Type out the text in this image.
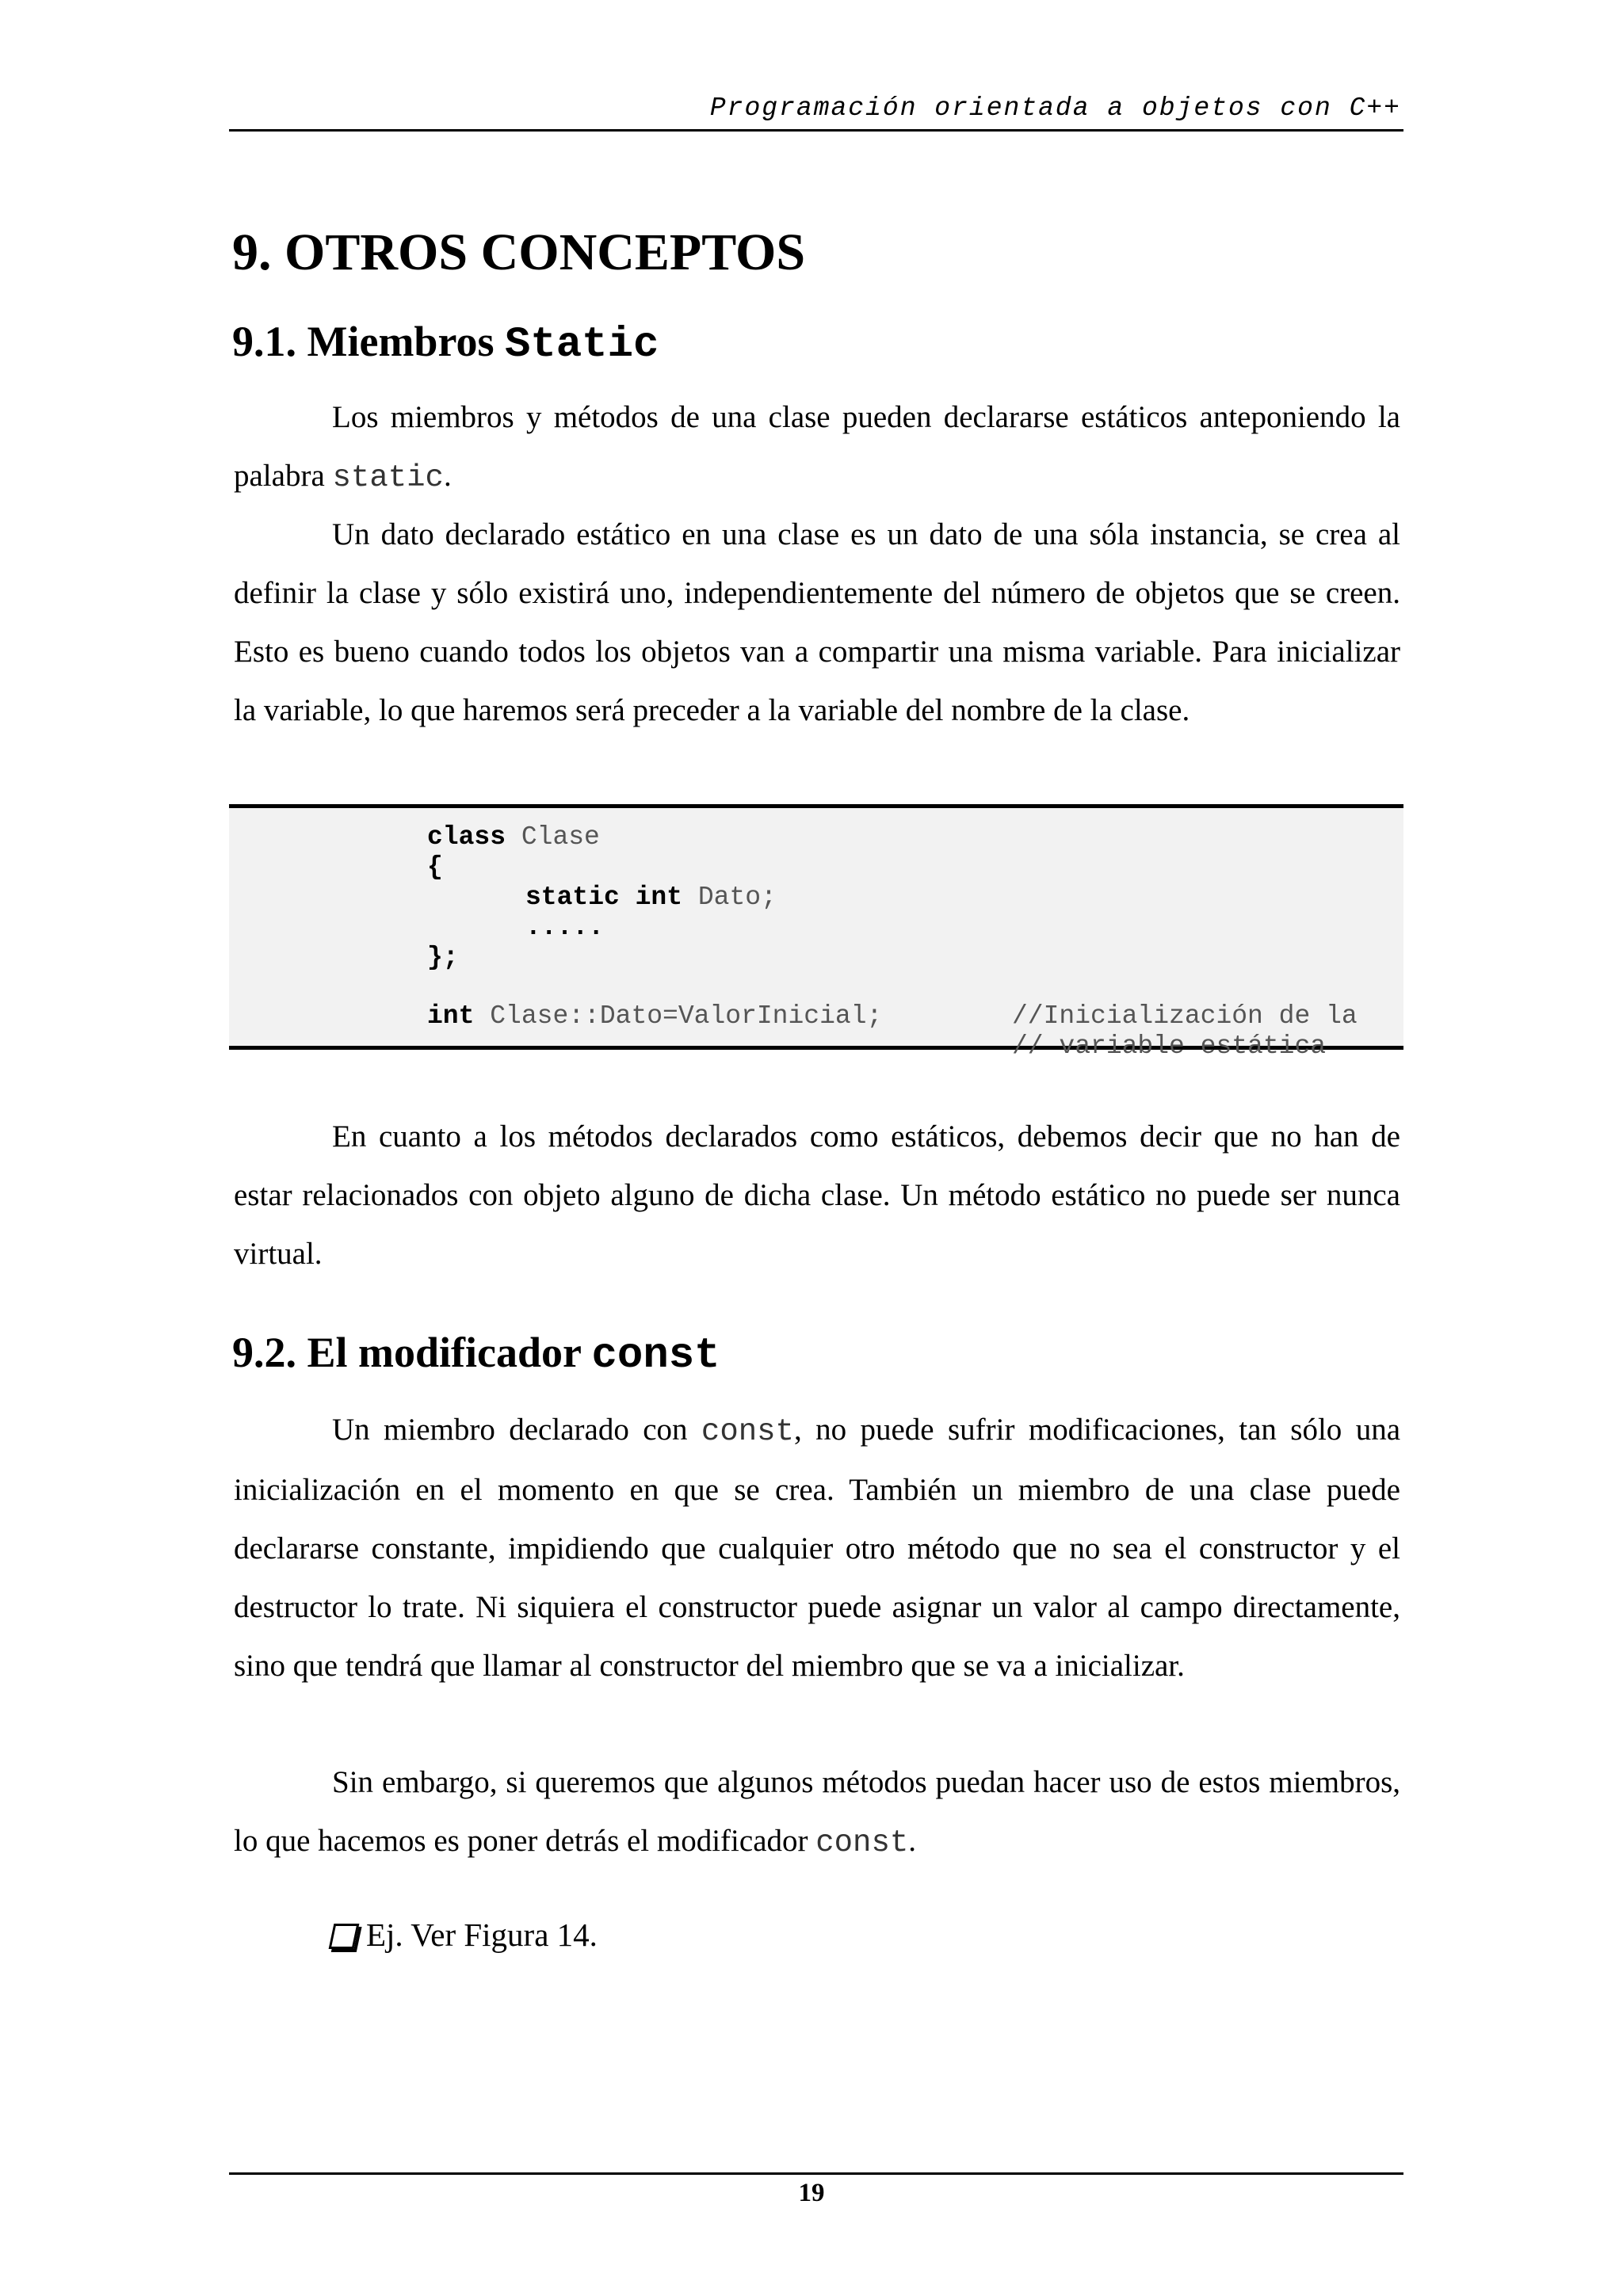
Programación orientada a objetos con C++
9. OTROS CONCEPTOS
9.1. Miembros Static

Los miembros y métodos de una clase pueden declararse estáticos anteponiendo la palabra static.

Un dato declarado estático en una clase es un dato de una sóla instancia, se crea al definir la clase y sólo existirá uno, independientemente del número de objetos que se creen. Esto es bueno cuando todos los objetos van a compartir una misma variable. Para inicializar la variable, lo que haremos será preceder a la variable del nombre de la clase.

class Clase
{
static int Dato;
.....
};
int Clase::Dato=ValorInicial;	//Inicialización de la
// variable estática

En cuanto a los métodos declarados como estáticos, debemos decir que no han de estar relacionados con objeto alguno de dicha clase. Un método estático no puede ser nunca virtual.

9.2. El modificador const

Un miembro declarado con const, no puede sufrir modificaciones, tan sólo una inicialización en el momento en que se crea. También un miembro de una clase puede declararse constante, impidiendo que cualquier otro método que no sea el constructor y el destructor lo trate. Ni siquiera el constructor puede asignar un valor al campo directamente, sino que tendrá que llamar al constructor del miembro que se va a inicializar.

Sin embargo, si queremos que algunos métodos puedan hacer uso de estos miembros, lo que hacemos es poner detrás el modificador const.

Ej. Ver Figura 14.
19
